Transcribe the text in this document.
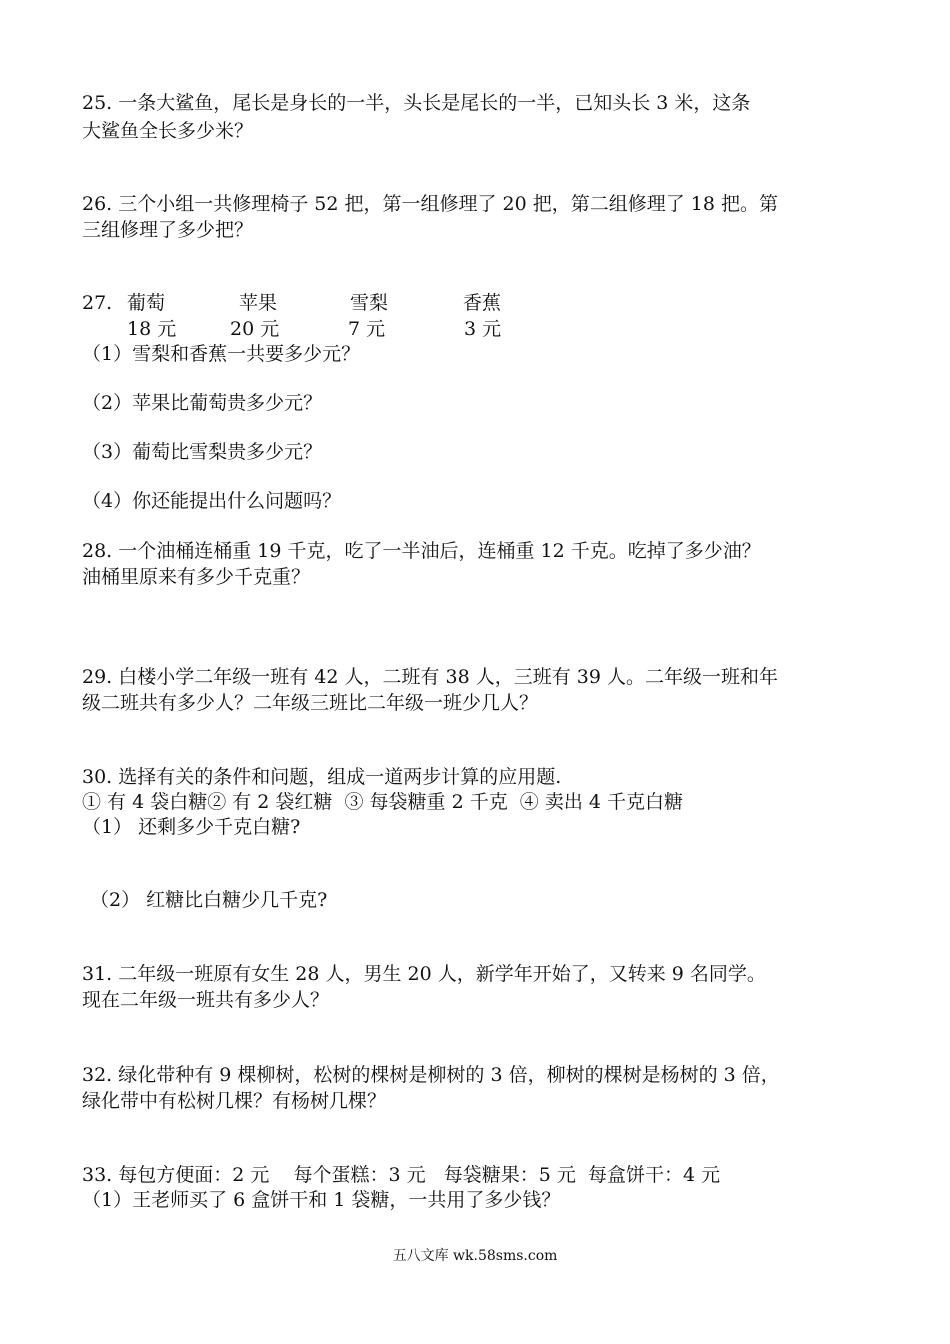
25. 一条大鲨鱼，尾长是身长的一半，头长是尾长的一半，已知头长 3 米，这条

大鲨鱼全长多少米？

26. 三个小组一共修理椅子 52 把，第一组修理了 20 把，第二组修理了 18 把。第

三组修理了多少把？

27. 葡萄	苹果	雪梨	香蕉
18 元	20 元	7 元	3 元

（1）雪梨和香蕉一共要多少元？

（2）苹果比葡萄贵多少元？

（3）葡萄比雪梨贵多少元？

（4）你还能提出什么问题吗？

28. 一个油桶连桶重 19 千克，吃了一半油后，连桶重 12 千克。吃掉了多少油？

油桶里原来有多少千克重？

29. 白楼小学二年级一班有 42 人，二班有 38 人，三班有 39 人。二年级一班和年

级二班共有多少人？二年级三班比二年级一班少几人？

30. 选择有关的条件和问题，组成一道两步计算的应用题.

① 有 4 袋白糖② 有 2 袋红糖  ③ 每袋糖重 2 千克  ④ 卖出 4 千克白糖

（1） 还剩多少千克白糖?

（2） 红糖比白糖少几千克?

31. 二年级一班原有女生 28 人，男生 20 人，新学年开始了，又转来 9 名同学。

现在二年级一班共有多少人？

32. 绿化带种有 9 棵柳树，松树的棵树是柳树的 3 倍，柳树的棵树是杨树的 3 倍，

绿化带中有松树几棵？有杨树几棵？

33. 每包方便面：2 元    每个蛋糕：3 元   每袋糖果：5 元  每盒饼干：4 元

（1）王老师买了 6 盒饼干和 1 袋糖，一共用了多少钱？

五八文库 wk.58sms.com
